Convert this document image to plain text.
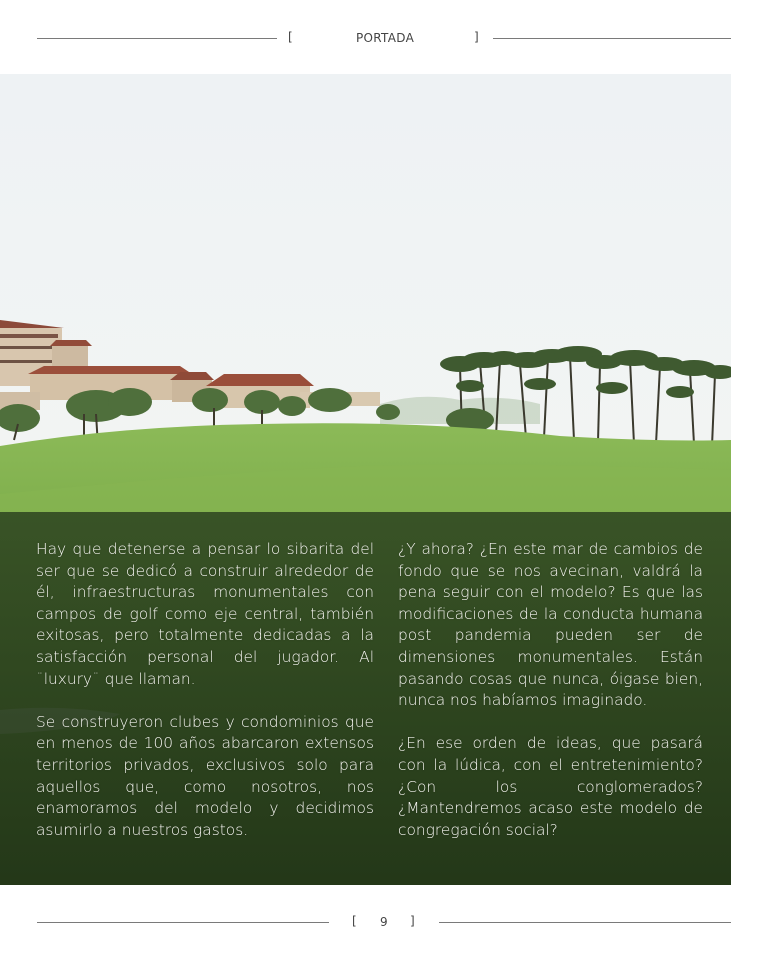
[	PORTADA	]

Hay que detenerse a pensar lo sibarita del ser que se dedicó a construir alrededor de él, infraestructuras monumentales con campos de golf como eje central, también exitosas, pero totalmente dedicadas a la satisfacción personal del jugador. Al ¨luxury¨ que llaman.

Se construyeron clubes y condominios que en menos de 100 años abarcaron extensos territorios privados, exclusivos solo para aquellos que, como nosotros, nos enamoramos del modelo y decidimos asumirlo a nuestros gastos.

¿Y ahora? ¿En este mar de cambios de fondo que se nos avecinan, valdrá la pena seguir con el modelo? Es que las modificaciones de la conducta humana post pandemia pueden ser de dimensiones monumentales. Están pasando cosas que nunca, óigase bien, nunca nos habíamos imaginado.

¿En ese orden de ideas, que pasará con la lúdica, con el entretenimiento? ¿Con los conglomerados? ¿Mantendremos acaso este modelo de congregación social?

[ 9 ]
